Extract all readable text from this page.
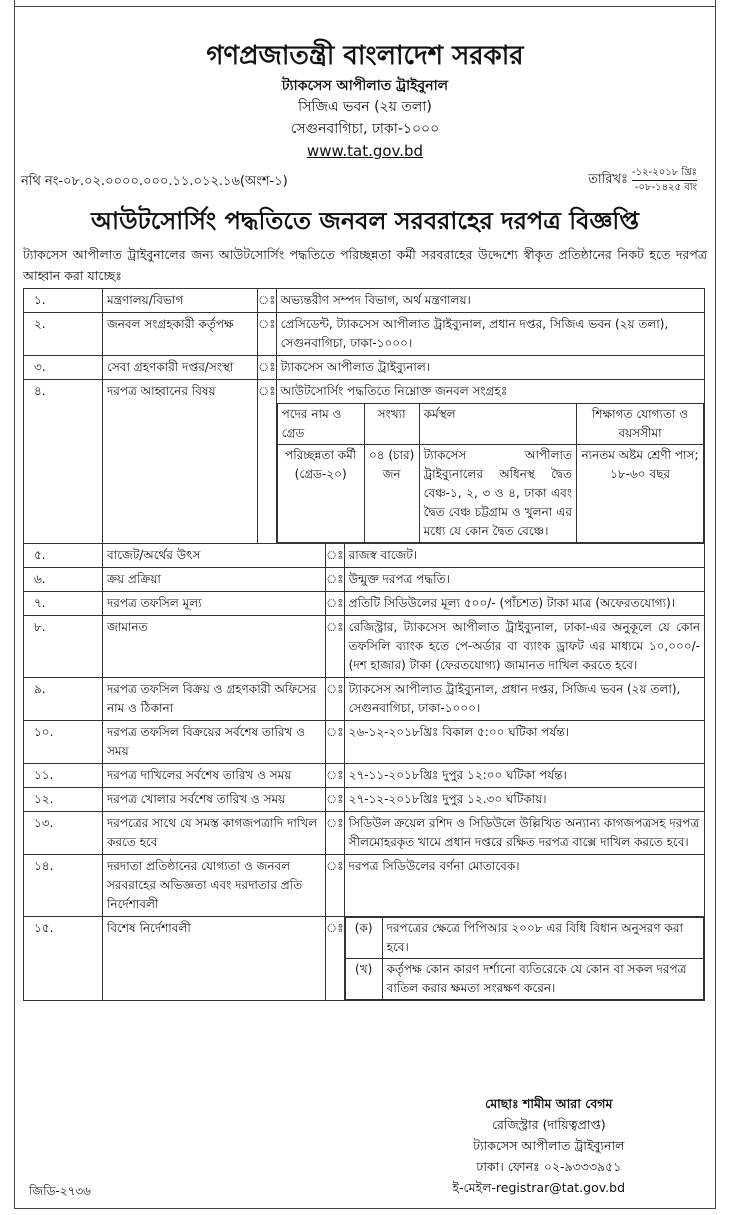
গণপ্রজাতন্ত্রী বাংলাদেশ সরকার
ট্যাকসেস আপীলাত ট্রাইবুনাল
সিজিএ ভবন (২য় তলা)
সেগুনবাগিচা, ঢাকা-১০০০
www.tat.gov.bd
নথি নং-০৮.০২.০০০০.০০০.১১.০১২.১৬(অংশ-১)	তারিখঃ -১২-২০১৮ খ্রিঃ
-০৮-১৪২৫ বাং
আউটসোর্সিং পদ্ধতিতে জনবল সরবরাহের দরপত্র বিজ্ঞপ্তি
ট্যাকসেস আপীলাত ট্রাইবুনালের জন্য আউটসোর্সিং পদ্ধতিতে পরিচ্ছন্নতা কর্মী সরবরাহের উদ্দেশ্যে স্বীকৃত প্রতিষ্ঠানের নিকট হতে দরপত্র আহ্বান করা যাচ্ছেঃ
১.	মন্ত্রণালয়/বিভাগ	ঃ	অভ্যন্তরীণ সম্পদ বিভাগ, অর্থ মন্ত্রণালয়।
২.	জনবল সংগ্রহকারী কর্তৃপক্ষ	ঃ	প্রেসিডেন্ট, ট্যাকসেস আপীলাত ট্রাইব্যুনাল, প্রধান দপ্তর, সিজিএ ভবন (২য় তলা), সেগুনবাগিচা, ঢাকা-১০০০।
৩.	সেবা গ্রহণকারী দপ্তর/সংস্থা	ঃ	ট্যাকসেস আপীলাত ট্রাইব্যুনাল।
৪.	দরপত্র আহ্বানের বিষয়	ঃ	আউটসোর্সিং পদ্ধতিতে নিম্নোক্ত জনবল সংগ্রহঃ
পদের নাম ও গ্রেড	সংখ্যা	কর্মস্থল	শিক্ষাগত যোগ্যতা ও বয়সসীমা
পরিচ্ছন্নতা কর্মী (গ্রেড-২০)	০৪ (চার) জন	ট্যাকসেস আপীলাত ট্রাইব্যুনালের অধিনস্থ দ্বৈত বেঞ্চ-১, ২, ৩ ও ৪, ঢাকা এবং দ্বৈত বেঞ্চ চট্টগ্রাম ও খুলনা এর মধ্যে যে কোন দ্বৈত বেঞ্চে।	ন্যনতম অষ্টম শ্রেণী পাস; ১৮-৬০ বছর
৫.	বাজেট/অর্থের উৎস	ঃ	রাজস্ব বাজেট।
৬.	ক্রয় প্রক্রিয়া	ঃ	উন্মুক্ত দরপত্র পদ্ধতি।
৭.	দরপত্র তফসিল মূল্য	ঃ	প্রতিটি সিডিউলের মূল্য ৫০০/- (পাঁচশত) টাকা মাত্র (অফেরতযোগ্য)।
৮.	জামানত	ঃ	রেজিস্ট্রার, ট্যাকসেস আপীলাত ট্রাইব্যুনাল, ঢাকা-এর অনুকূলে যে কোন তফসিলি ব্যাংক হতে পে-অর্ডার বা ব্যাংক ড্রাফট এর মাধ্যমে ১০,০০০/- (দশ হাজার) টাকা (ফেরতযোগ্য) জামানত দাখিল করতে হবে।
৯.	দরপত্র তফসিল বিক্রয় ও গ্রহণকারী অফিসের নাম ও ঠিকানা	ঃ	ট্যাকসেস আপীলাত ট্রাইব্যুনাল, প্রধান দপ্তর, সিজিএ ভবন (২য় তলা), সেগুনবাগিচা, ঢাকা-১০০০।
১০.	দরপত্র তফসিল বিক্রয়ের সর্বশেষ তারিখ ও সময়	ঃ	২৬-১২-২০১৮খ্রিঃ বিকাল ৫:০০ ঘটিকা পর্যন্ত।
১১.	দরপত্র দাখিলের সর্বশেষ তারিখ ও সময়	ঃ	২৭-১১-২০১৮খ্রিঃ দুপুর ১২:০০ ঘটিকা পর্যন্ত।
১২.	দরপত্র খোলার সর্বশেষ তারিখ ও সময়	ঃ	২৭-১২-২০১৮খ্রিঃ দুপুর ১২.৩০ ঘটিকায়।
১৩.	দরপত্রের সাথে যে সমস্ত কাগজপত্রাদি দাখিল করতে হবে	ঃ	সিডিউল ক্রয়েল রশিদ ও সিডিউলে উল্লিখিত অন্যান্য কাগজপত্রসহ দরপত্র সীলমোহরকৃত খামে প্রধান দপ্তরে রক্ষিত দরপত্র বাক্সে দাখিল করতে হবে।
১৪.	দরদাতা প্রতিষ্ঠানের যোগ্যতা ও জনবল সরবরাহের অভিজ্ঞতা এবং দরদাতার প্রতি নির্দেশাবলী	ঃ	দরপত্র সিডিউলের বর্ণনা মোতাবেক।
১৫.	বিশেষ নির্দেশাবলী	ঃ	(ক)	দরপত্রের ক্ষেত্রে পিপিআর ২০০৮ এর বিধি বিধান অনুসরণ করা হবে।
(খ)	কর্তৃপক্ষ কোন কারণ দর্শানো ব্যতিরেকে যে কোন বা সকল দরপত্র বাতিল করার ক্ষমতা সংরক্ষণ করেন।
মোছাঃ শামীম আরা বেগম
রেজিস্ট্রার (দায়িত্বপ্রাপ্ত)
ট্যাকসেস আপীলাত ট্রাইব্যুনাল
ঢাকা। ফোনঃ ০২-৯৩৩৩৯৫১
ই-মেইল-registrar@tat.gov.bd
জিডি-২৭৩৬
